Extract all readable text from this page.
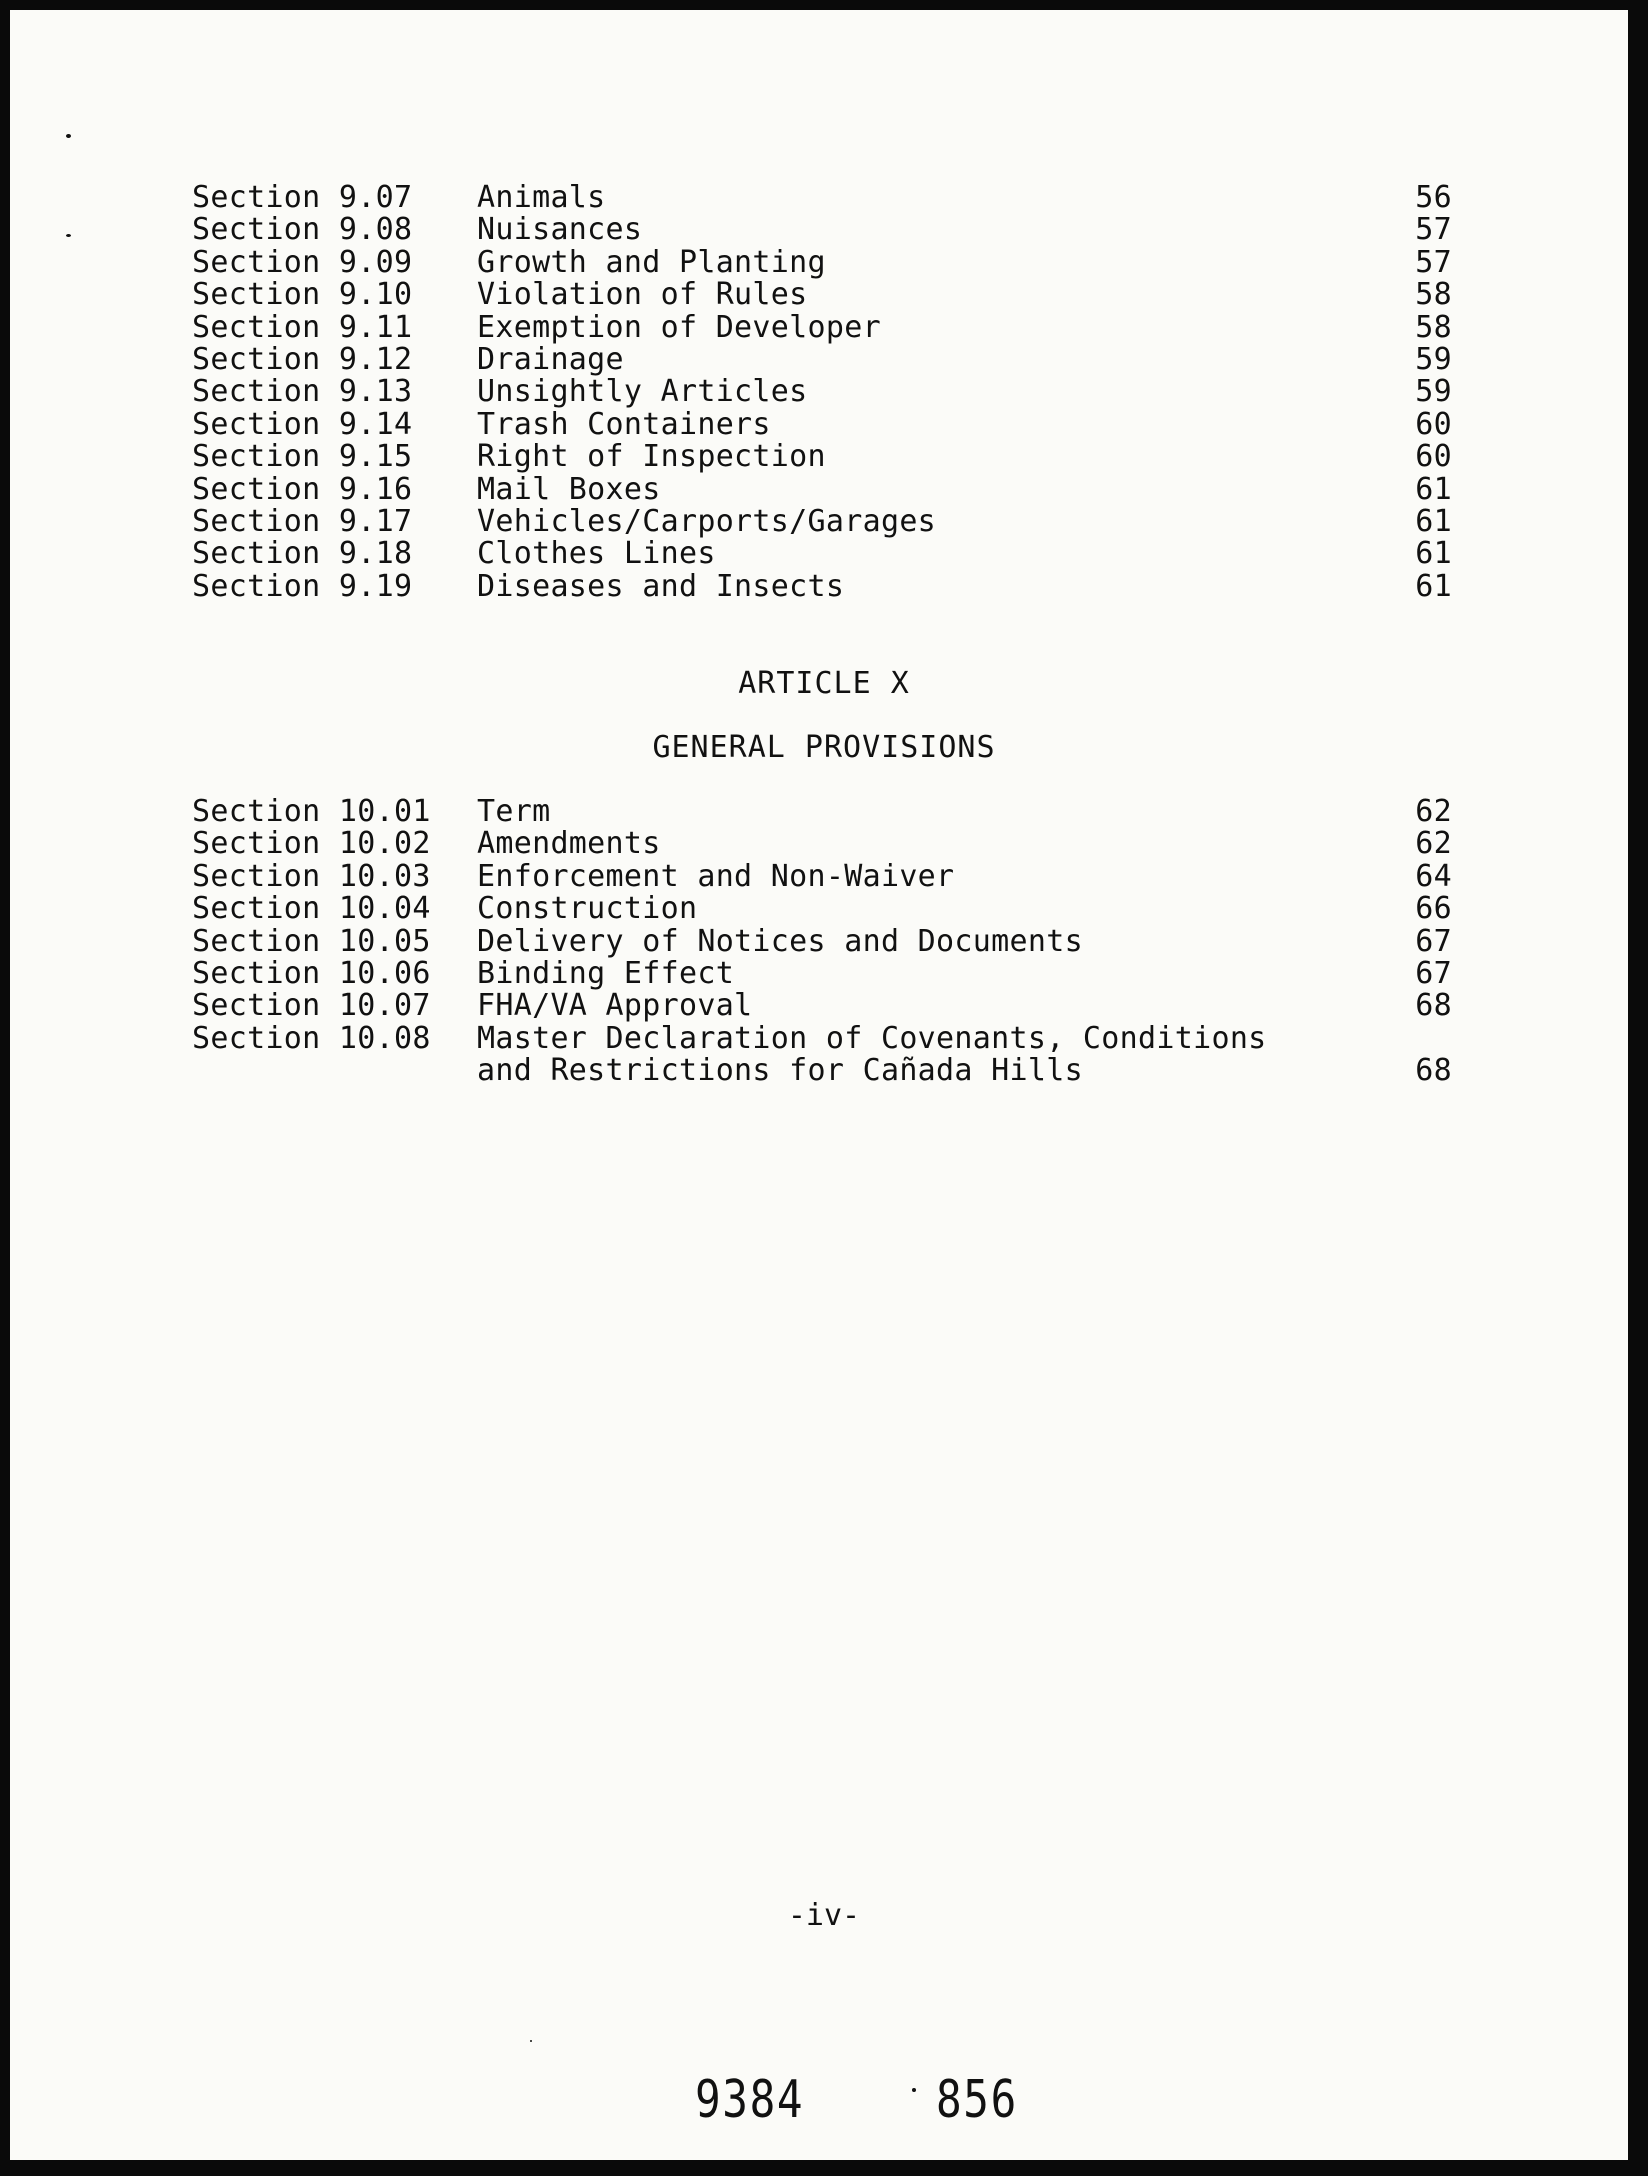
Section 9.07	Animals	56
Section 9.08	Nuisances	57
Section 9.09	Growth and Planting	57
Section 9.10	Violation of Rules	58
Section 9.11	Exemption of Developer	58
Section 9.12	Drainage	59
Section 9.13	Unsightly Articles	59
Section 9.14	Trash Containers	60
Section 9.15	Right of Inspection	60
Section 9.16	Mail Boxes	61
Section 9.17	Vehicles/Carports/Garages	61
Section 9.18	Clothes Lines	61
Section 9.19	Diseases and Insects	61
ARTICLE X
GENERAL PROVISIONS
Section 10.01	Term	62
Section 10.02	Amendments	62
Section 10.03	Enforcement and Non-Waiver	64
Section 10.04	Construction	66
Section 10.05	Delivery of Notices and Documents	67
Section 10.06	Binding Effect	67
Section 10.07	FHA/VA Approval	68
Section 10.08	Master Declaration of Covenants, Conditions
and Restrictions for Cañada Hills	68
-iv-
9384	856
